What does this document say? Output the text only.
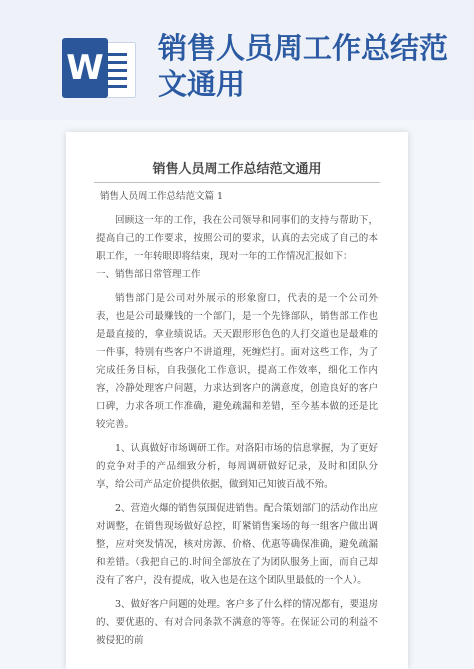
W 销售人员周工作总结范文通用
销售人员周工作总结范文通用

销售人员周工作总结范文篇 1

回顾这一年的工作，我在公司领导和同事们的支持与帮助下，提高自己的工作要求，按照公司的要求，认真的去完成了自己的本职工作，一年转眼即将结束，现对一年的工作情况汇报如下：

一、销售部日常管理工作

销售部门是公司对外展示的形象窗口，代表的是一个公司外表，也是公司最赚钱的一个部门，是一个先锋部队，销售部工作也是最直接的，拿业绩说话。天天跟形形色色的人打交道也是最难的一件事，特别有些客户不讲道理，死缠烂打。面对这些工作，为了完成任务目标，自我强化工作意识，提高工作效率，细化工作内容，冷静处理客户问题，力求达到客户的满意度，创造良好的客户口碑，力求各项工作准确，避免疏漏和差错，至今基本做的还是比较完善。

1、认真做好市场调研工作。对洛阳市场的信息掌握，为了更好的竞争对手的产品细致分析，每周调研做好记录，及时和团队分享，给公司产品定价提供依据，做到知己知彼百战不殆。

2、营造火爆的销售氛围促进销售。配合策划部门的活动作出应对调整，在销售现场做好总控，盯紧销售案场的每一组客户做出调整，应对突发情况，核对房源、价格、优惠等确保准确，避免疏漏和差错。（我把自己的.时间全部放在了为团队服务上面，而自己却没有了客户，没有提成，收入也是在这个团队里最低的一个人）。

3、做好客户问题的处理。客户多了什么样的情况都有，要退房的、要优惠的、有对合同条款不满意的等等。在保证公司的利益不被侵犯的前
